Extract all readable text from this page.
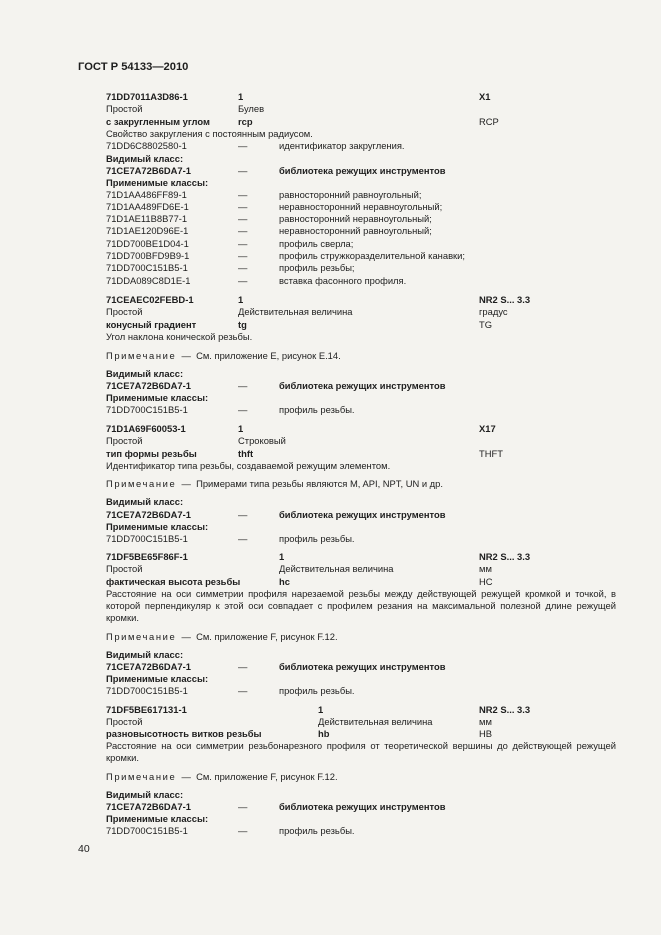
ГОСТ Р 54133—2010
71DD7011A3D86-1	1	X1
Простой	Булев
с закругленным углом	rcp	RCP
Свойство закругления с постоянным радиусом.
71DD6C8802580-1	—	идентификатор закругления.
Видимый класс:
71CE7A72B6DA7-1	—	библиотека режущих инструментов
Применимые классы:
71D1AA486FF89-1	—	равносторонний равноугольный;
71D1AA489FD6E-1	—	неравносторонний неравноугольный;
71D1AE11B8B77-1	—	равносторонний неравноугольный;
71D1AE120D96E-1	—	неравносторонний равноугольный;
71DD700BE1D04-1	—	профиль сверла;
71DD700BFD9B9-1	—	профиль стружкоразделительной канавки;
71DD700C151B5-1	—	профиль резьбы;
71DDA089C8D1E-1	—	вставка фасонного профиля.
71CEAEC02FEBD-1	1	NR2 S... 3.3
Простой	Действительная величина	градус
конусный градиент	tg	TG
Угол наклона конической резьбы.
Примечание — См. приложение E, рисунок E.14.
Видимый класс:
71CE7A72B6DA7-1	—	библиотека режущих инструментов
Применимые классы:
71DD700C151B5-1	—	профиль резьбы.
71D1A69F60053-1	1	X17
Простой	Строковый
тип формы резьбы	thft	THFT
Идентификатор типа резьбы, создаваемой режущим элементом.
Примечание — Примерами типа резьбы являются M, API, NPT, UN и др.
Видимый класс:
71CE7A72B6DA7-1	—	библиотека режущих инструментов
Применимые классы:
71DD700C151B5-1	—	профиль резьбы.
71DF5BE65F86F-1	1	NR2 S... 3.3
Простой	Действительная величина	мм
фактическая высота резьбы	hc	HC
Расстояние на оси симметрии профиля нарезаемой резьбы между действующей режущей кромкой и точкой, в которой перпендикуляр к этой оси совпадает с профилем резания на максимальной полезной длине режущей кромки.
Примечание — См. приложение F, рисунок F.12.
Видимый класс:
71CE7A72B6DA7-1	—	библиотека режущих инструментов
Применимые классы:
71DD700C151B5-1	—	профиль резьбы.
71DF5BE617131-1	1	NR2 S... 3.3
Простой	Действительная величина	мм
разновысотность витков резьбы	hb	HB
Расстояние на оси симметрии резьбонарезного профиля от теоретической вершины до действующей режущей кромки.
Примечание — См. приложение F, рисунок F.12.
Видимый класс:
71CE7A72B6DA7-1	—	библиотека режущих инструментов
Применимые классы:
71DD700C151B5-1	—	профиль резьбы.
40
